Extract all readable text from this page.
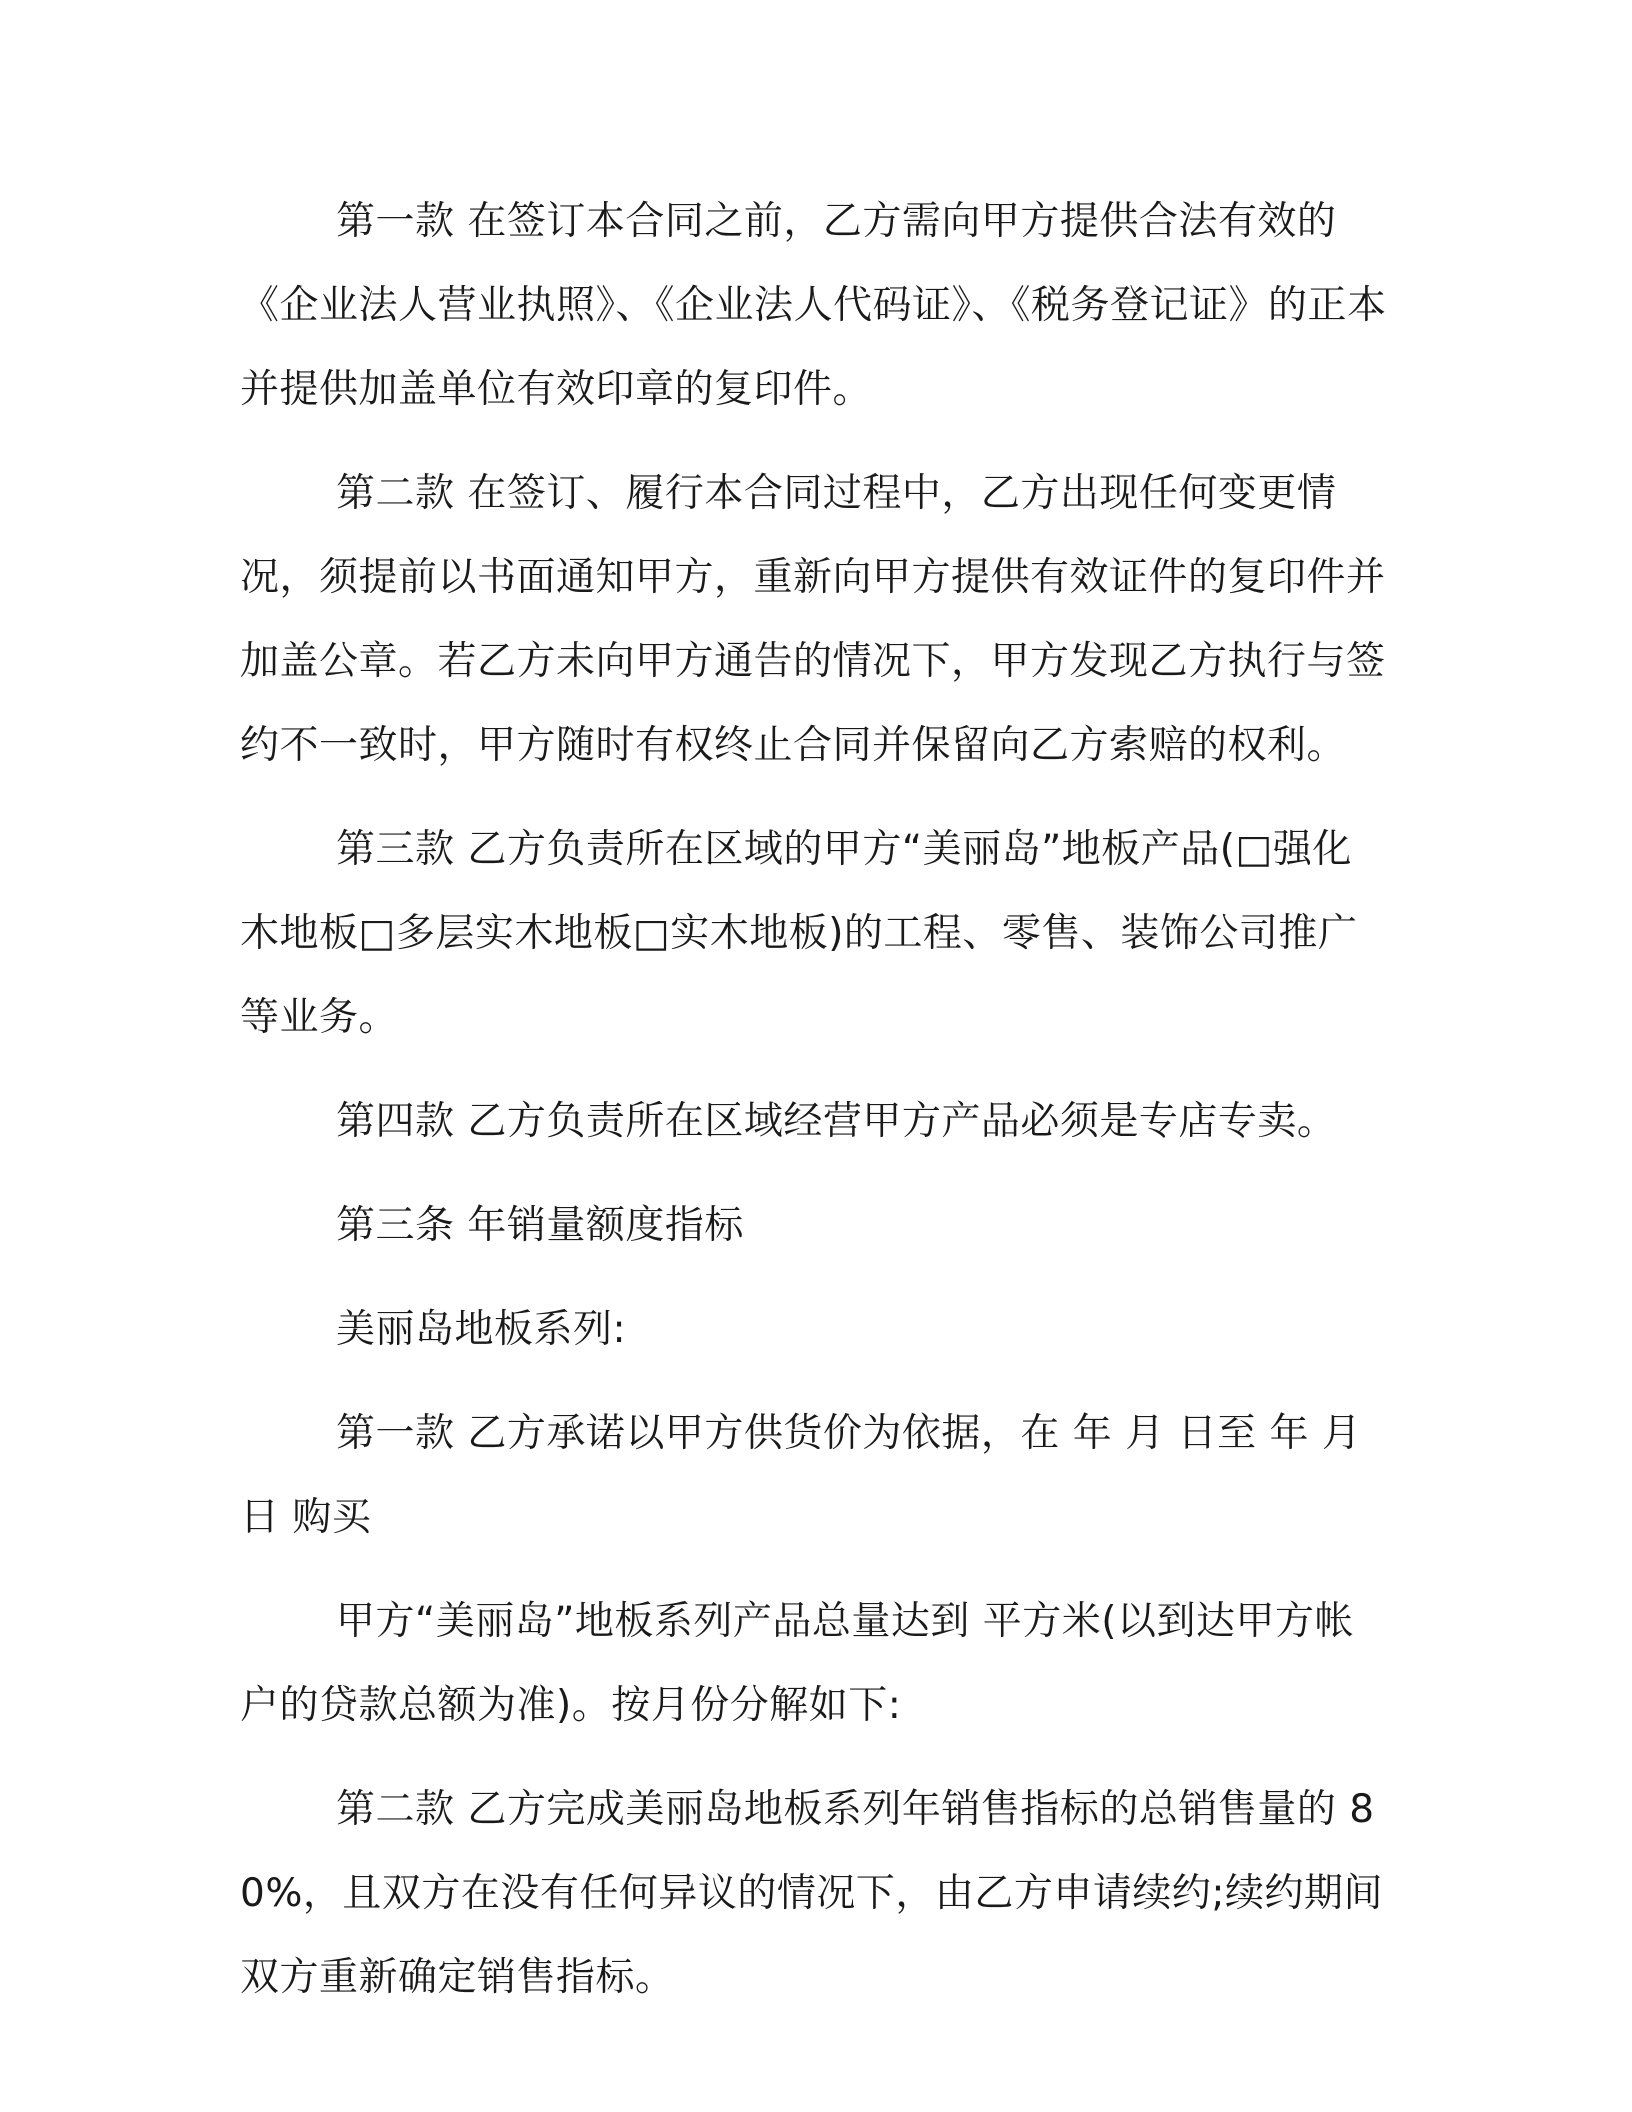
第一款 在签订本合同之前，乙方需向甲方提供合法有效的《企业法人营业执照》、《企业法人代码证》、《税务登记证》的正本并提供加盖单位有效印章的复印件。

第二款 在签订、履行本合同过程中，乙方出现任何变更情况，须提前以书面通知甲方，重新向甲方提供有效证件的复印件并加盖公章。若乙方未向甲方通告的情况下，甲方发现乙方执行与签约不一致时，甲方随时有权终止合同并保留向乙方索赔的权利。

第三款 乙方负责所在区域的甲方“美丽岛”地板产品(□强化木地板□多层实木地板□实木地板)的工程、零售、装饰公司推广等业务。

第四款 乙方负责所在区域经营甲方产品必须是专店专卖。

第三条 年销量额度指标

美丽岛地板系列:

第一款 乙方承诺以甲方供货价为依据，在 年 月 日至 年 月 日 购买

甲方“美丽岛”地板系列产品总量达到 平方米(以到达甲方帐户的贷款总额为准)。按月份分解如下:

第二款 乙方完成美丽岛地板系列年销售指标的总销售量的 80%，且双方在没有任何异议的情况下，由乙方申请续约;续约期间双方重新确定销售指标。
